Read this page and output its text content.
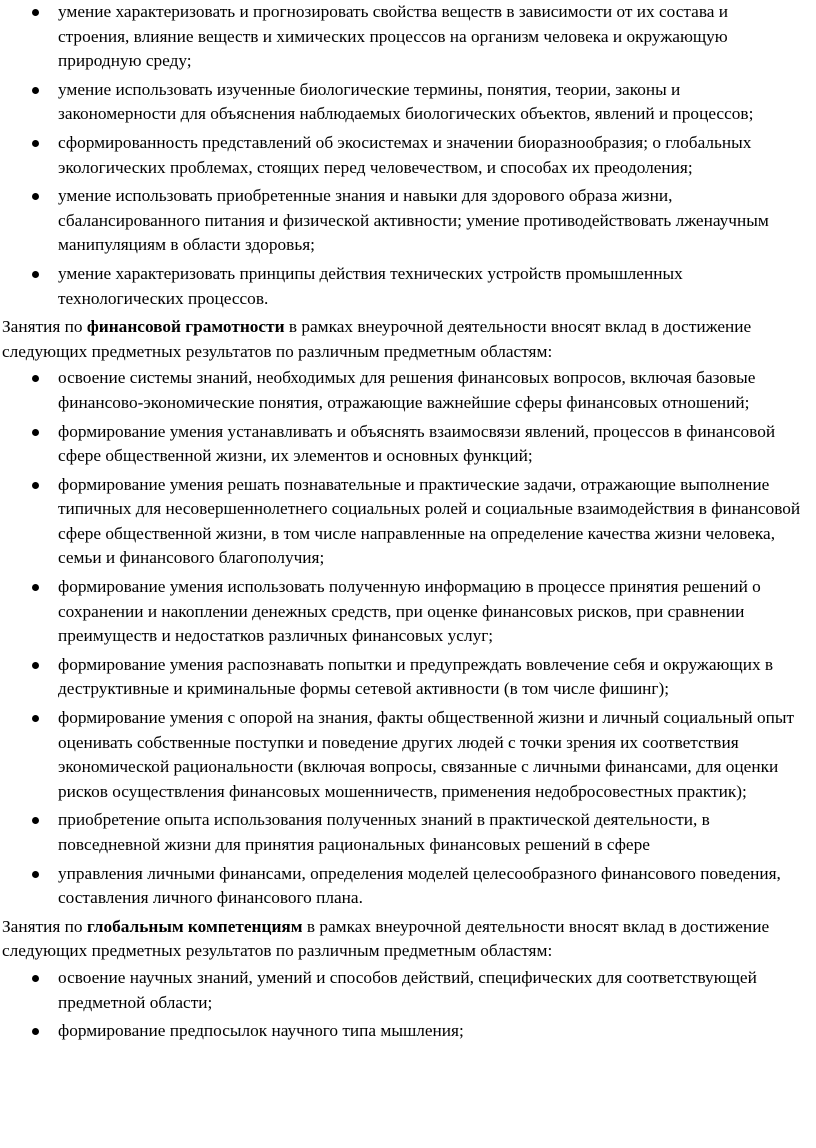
умение характеризовать и прогнозировать свойства веществ в зависимости от их состава и строения, влияние веществ и химических процессов на организм человека и окружающую природную среду;
умение использовать изученные биологические термины, понятия, теории, законы и закономерности для объяснения наблюдаемых биологических объектов, явлений и процессов;
сформированность представлений об экосистемах и значении биоразнообразия; о глобальных экологических проблемах, стоящих перед человечеством, и способах их преодоления;
умение использовать приобретенные знания и навыки для здорового образа жизни, сбалансированного питания и физической активности; умение противодействовать лженаучным манипуляциям в области здоровья;
умение характеризовать принципы действия технических устройств промышленных технологических процессов.

Занятия по финансовой грамотности в рамках внеурочной деятельности вносят вклад в достижение следующих предметных результатов по различным предметным областям:

освоение системы знаний, необходимых для решения финансовых вопросов, включая базовые финансово-экономические понятия, отражающие важнейшие сферы финансовых отношений;
формирование умения устанавливать и объяснять взаимосвязи явлений, процессов в финансовой сфере общественной жизни, их элементов и основных функций;
формирование умения решать познавательные и практические задачи, отражающие выполнение типичных для несовершеннолетнего социальных ролей и социальные взаимодействия в финансовой сфере общественной жизни, в том числе направленные на определение качества жизни человека, семьи и финансового благополучия;
формирование умения использовать полученную информацию в процессе принятия решений о сохранении и накоплении денежных средств, при оценке финансовых рисков, при сравнении преимуществ и недостатков различных финансовых услуг;
формирование умения распознавать попытки и предупреждать вовлечение себя и окружающих в деструктивные и криминальные формы сетевой активности (в том числе фишинг);
формирование умения с опорой на знания, факты общественной жизни и личный социальный опыт оценивать собственные поступки и поведение других людей с точки зрения их соответствия экономической рациональности (включая вопросы, связанные с личными финансами, для оценки рисков осуществления финансовых мошенничеств, применения недобросовестных практик);
приобретение опыта использования полученных знаний в практической деятельности, в повседневной жизни для принятия рациональных финансовых решений в сфере
управления личными финансами, определения моделей целесообразного финансового поведения, составления личного финансового плана.

Занятия по глобальным компетенциям в рамках внеурочной деятельности вносят вклад в достижение следующих предметных результатов по различным предметным областям:

освоение научных знаний, умений и способов действий, специфических для соответствующей предметной области;
формирование предпосылок научного типа мышления;
